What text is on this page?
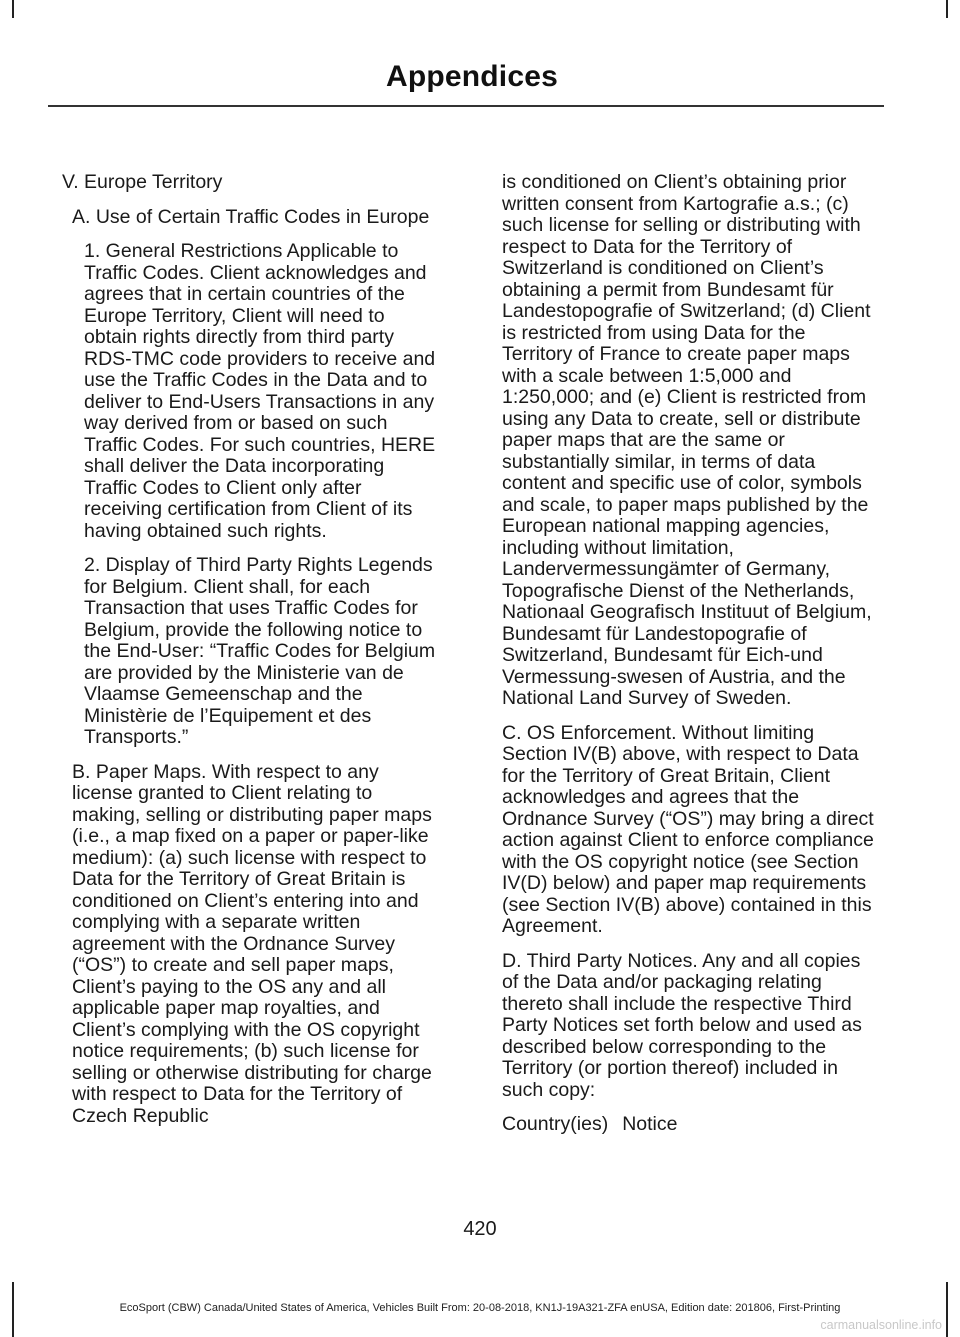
Appendices

V. Europe Territory

A. Use of Certain Traffic Codes in Europe

1. General Restrictions Applicable to Traffic Codes. Client acknowledges and agrees that in certain countries of the Europe Territory, Client will need to obtain rights directly from third party RDS-TMC code providers to receive and use the Traffic Codes in the Data and to deliver to End-Users Transactions in any way derived from or based on such Traffic Codes. For such countries, HERE shall deliver the Data incorporating Traffic Codes to Client only after receiving certification from Client of its having obtained such rights.

2. Display of Third Party Rights Legends for Belgium. Client shall, for each Transaction that uses Traffic Codes for Belgium, provide the following notice to the End-User: “Traffic Codes for Belgium are provided by the Ministerie van de Vlaamse Gemeenschap and the Ministèrie de l’Equipement et des Transports.”

B. Paper Maps. With respect to any license granted to Client relating to making, selling or distributing paper maps (i.e., a map fixed on a paper or paper-like medium): (a) such license with respect to Data for the Territory of Great Britain is conditioned on Client’s entering into and complying with a separate written agreement with the Ordnance Survey (“OS”) to create and sell paper maps, Client’s paying to the OS any and all applicable paper map royalties, and Client’s complying with the OS copyright notice requirements; (b) such license for selling or otherwise distributing for charge with respect to Data for the Territory of Czech Republic

is conditioned on Client’s obtaining prior written consent from Kartografie a.s.; (c) such license for selling or distributing with respect to Data for the Territory of Switzerland is conditioned on Client’s obtaining a permit from Bundesamt für Landestopografie of Switzerland; (d) Client is restricted from using Data for the Territory of France to create paper maps with a scale between 1:5,000 and 1:250,000; and (e) Client is restricted from using any Data to create, sell or distribute paper maps that are the same or substantially similar, in terms of data content and specific use of color, symbols and scale, to paper maps published by the European national mapping agencies, including without limitation, Landervermessungämter of Germany, Topografische Dienst of the Netherlands, Nationaal Geografisch Instituut of Belgium, Bundesamt für Landestopografie of Switzerland, Bundesamt für Eich-und Vermessung-swesen of Austria, and the National Land Survey of Sweden.

C. OS Enforcement. Without limiting Section IV(B) above, with respect to Data for the Territory of Great Britain, Client acknowledges and agrees that the Ordnance Survey (“OS”) may bring a direct action against Client to enforce compliance with the OS copyright notice (see Section IV(D) below) and paper map requirements (see Section IV(B) above) contained in this Agreement.

D. Third Party Notices. Any and all copies of the Data and/or packaging relating thereto shall include the respective Third Party Notices set forth below and used as described below corresponding to the Territory (or portion thereof) included in such copy:

Country(ies) Notice
420
EcoSport (CBW) Canada/United States of America, Vehicles Built From: 20-08-2018, KN1J-19A321-ZFA enUSA, Edition date: 201806, First-Printing
carmanualsonline.info
